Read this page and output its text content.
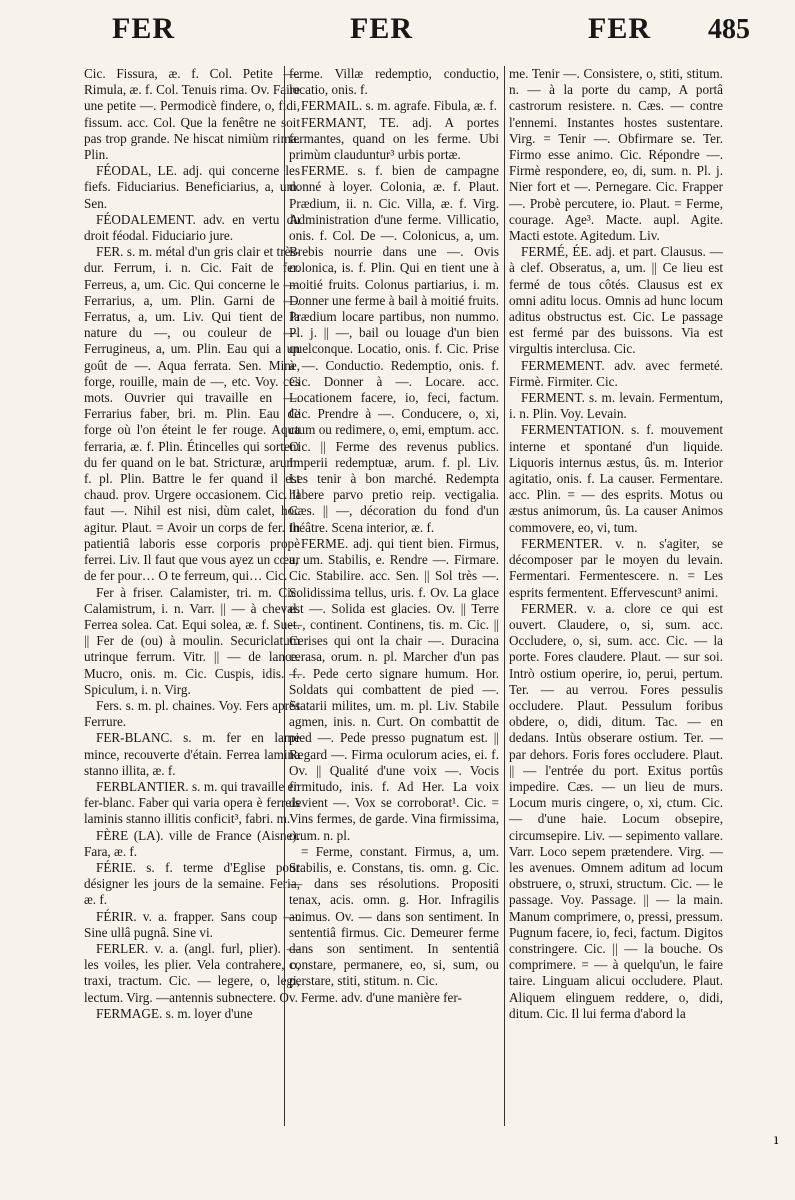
FER	FER	FER 485

Cic. Fissura, æ. f. Col. Petite —. Rimula, æ. f. Col. Tenuis rima. Ov. Faire une petite —. Permodicè findere, o, fidi, fissum. acc. Col. Que la fenêtre ne soit pas trop grande. Ne hiscat nimiùm rima. Plin.

FÉODAL, LE. adj. qui concerne les fiefs. Fiduciarius. Beneficiarius, a, um. Sen.

FÉODALEMENT. adv. en vertu du droit féodal. Fiduciario jure.

FER. s. m. métal d'un gris clair et très-dur. Ferrum, i. n. Cic. Fait de fer. Ferreus, a, um. Cic. Qui concerne le —. Ferrarius, a, um. Plin. Garni de —. Ferratus, a, um. Liv. Qui tient de la nature du —, ou couleur de —. Ferrugineus, a, um. Plin. Eau qui a un goût de —. Aqua ferrata. Sen. Mine, forge, rouille, main de —, etc. Voy. ces mots. Ouvrier qui travaille en —. Ferrarius faber, bri. m. Plin. Eau de forge où l'on éteint le fer rouge. Aqua ferraria, æ. f. Plin. Étincelles qui sortent du fer quand on le bat. Stricturæ, arum. f. pl. Plin. Battre le fer quand il est chaud. prov. Urgere occasionem. Cic. Il faut —. Nihil est nisi, dùm calet, hoc agitur. Plaut. = Avoir un corps de fer. In patientiâ laboris esse corporis propè ferrei. Liv. Il faut que vous ayez un cœur de fer pour… O te ferreum, qui… Cic.

Fer à friser. Calamister, tri. m. Cic. Calamistrum, i. n. Varr. || — à cheval. Ferrea solea. Cat. Equi solea, æ. f. Suet. || Fer de (ou) à moulin. Securiclatum utrinque ferrum. Vitr. || — de lance. Mucro, onis. m. Cic. Cuspis, idis. f. Spiculum, i. n. Virg.

Fers. s. m. pl. chaines. Voy. Fers après Ferrure.

FER-BLANC. s. m. fer en lame mince, recouverte d'étain. Ferrea lamina stanno illita, æ. f.

FERBLANTIER. s. m. qui travaille en fer-blanc. Faber qui varia opera è ferreis laminis stanno illitis conficit³, fabri. m.

FÈRE (LA). ville de France (Aisne). Fara, æ. f.

FÉRIE. s. f. terme d'Eglise pour désigner les jours de la semaine. Feria, æ. f.

FÉRIR. v. a. frapper. Sans coup —. Sine ullâ pugnâ. Sine vi.

FERLER. v. a. (angl. furl, plier). — les voiles, les plier. Vela contrahere, o, traxi, tractum. Cic. — legere, o, legi, lectum. Virg. —antennis subnectere. Ov.

FERMAGE. s. m. loyer d'une

ferme. Villæ redemptio, conductio, locatio, onis. f.

FERMAIL. s. m. agrafe. Fibula, æ. f.

FERMANT, TE. adj. A portes fermantes, quand on les ferme. Ubi primùm clauduntur³ urbis portæ.

FERME. s. f. bien de campagne donné à loyer. Colonia, æ. f. Plaut. Prædium, ii. n. Cic. Villa, æ. f. Virg. Administration d'une ferme. Villicatio, onis. f. Col. De —. Colonicus, a, um. Brebis nourrie dans une —. Ovis colonica, is. f. Plin. Qui en tient une à moitié fruits. Colonus partiarius, i. m. Donner une ferme à bail à moitié fruits. Prædium locare partibus, non nummo. Pl. j. || —, bail ou louage d'un bien quelconque. Locatio, onis. f. Cic. Prise à —. Conductio. Redemptio, onis. f. Cic. Donner à —. Locare. acc. Locationem facere, io, feci, factum. Cic. Prendre à —. Conducere, o, xi, ctum ou redimere, o, emi, emptum. acc. Cic. || Ferme des revenus publics. Imperii redemptuæ, arum. f. pl. Liv. Les tenir à bon marché. Redempta habere parvo pretio reip. vectigalia. Cæs. || —, décoration du fond d'un théâtre. Scena interior, æ. f.

FERME. adj. qui tient bien. Firmus, a, um. Stabilis, e. Rendre —. Firmare. Cic. Stabilire. acc. Sen. || Sol très —. Solidissima tellus, uris. f. Ov. La glace est —. Solida est glacies. Ov. || Terre —, continent. Continens, tis. m. Cic. || Cerises qui ont la chair —. Duracina cerasa, orum. n. pl. Marcher d'un pas —. Pede certo signare humum. Hor. Soldats qui combattent de pied —. Statarii milites, um. m. pl. Liv. Stabile agmen, inis. n. Curt. On combattit de pied —. Pede presso pugnatum est. || Regard —. Firma oculorum acies, ei. f. Ov. || Qualité d'une voix —. Vocis firmitudo, inis. f. Ad Her. La voix devient —. Vox se corroborat¹. Cic. = Vins fermes, de garde. Vina firmissima, orum. n. pl.

= Ferme, constant. Firmus, a, um. Stabilis, e. Constans, tis. omn. g. Cic. — dans ses résolutions. Propositi tenax, acis. omn. g. Hor. Infragilis animus. Ov. — dans son sentiment. In sententiâ firmus. Cic. Demeurer ferme dans son sentiment. In sententiâ constare, permanere, eo, si, sum, ou perstare, stiti, stitum. n. Cic.

Ferme. adv. d'une manière fer-

me. Tenir —. Consistere, o, stiti, stitum. n. — à la porte du camp, A portâ castrorum resistere. n. Cæs. — contre l'ennemi. Instantes hostes sustentare. Virg. = Tenir —. Obfirmare se. Ter. Firmo esse animo. Cic. Répondre —. Firmè respondere, eo, di, sum. n. Pl. j. Nier fort et —. Pernegare. Cic. Frapper —. Probè percutere, io. Plaut. = Ferme, courage. Age³. Macte. aupl. Agite. Macti estote. Agitedum. Liv.

FERMÉ, ÉE. adj. et part. Clausus. — à clef. Obseratus, a, um. || Ce lieu est fermé de tous côtés. Clausus est ex omni aditu locus. Omnis ad hunc locum aditus obstructus est. Cic. Le passage est fermé par des buissons. Via est virgultis interclusa. Cic.

FERMEMENT. adv. avec fermeté. Firmè. Firmiter. Cic.

FERMENT. s. m. levain. Fermentum, i. n. Plin. Voy. Levain.

FERMENTATION. s. f. mouvement interne et spontané d'un liquide. Liquoris internus æstus, ûs. m. Interior agitatio, onis. f. La causer. Fermentare. acc. Plin. = — des esprits. Motus ou æstus animorum, ûs. La causer Animos commovere, eo, vi, tum.

FERMENTER. v. n. s'agiter, se décomposer par le moyen du levain. Fermentari. Fermentescere. n. = Les esprits fermentent. Effervescunt³ animi.

FERMER. v. a. clore ce qui est ouvert. Claudere, o, si, sum. acc. Occludere, o, si, sum. acc. Cic. — la porte. Fores claudere. Plaut. — sur soi. Intrò ostium operire, io, perui, pertum. Ter. — au verrou. Fores pessulis occludere. Plaut. Pessulum foribus obdere, o, didi, ditum. Tac. — en dedans. Intùs obserare ostium. Ter. — par dehors. Foris fores occludere. Plaut. || — l'entrée du port. Exitus portûs impedire. Cæs. — un lieu de murs. Locum muris cingere, o, xi, ctum. Cic. — d'une haie. Locum obsepire, circumsepire. Liv. — sepimento vallare. Varr. Loco sepem prætendere. Virg. — les avenues. Omnem aditum ad locum obstruere, o, struxi, structum. Cic. — le passage. Voy. Passage. || — la main. Manum comprimere, o, pressi, pressum. Pugnum facere, io, feci, factum. Digitos constringere. Cic. || — la bouche. Os comprimere. = — à quelqu'un, le faire taire. Linguam alicui occludere. Plaut. Aliquem elinguem reddere, o, didi, ditum. Cic. Il lui ferma d'abord la

ı
